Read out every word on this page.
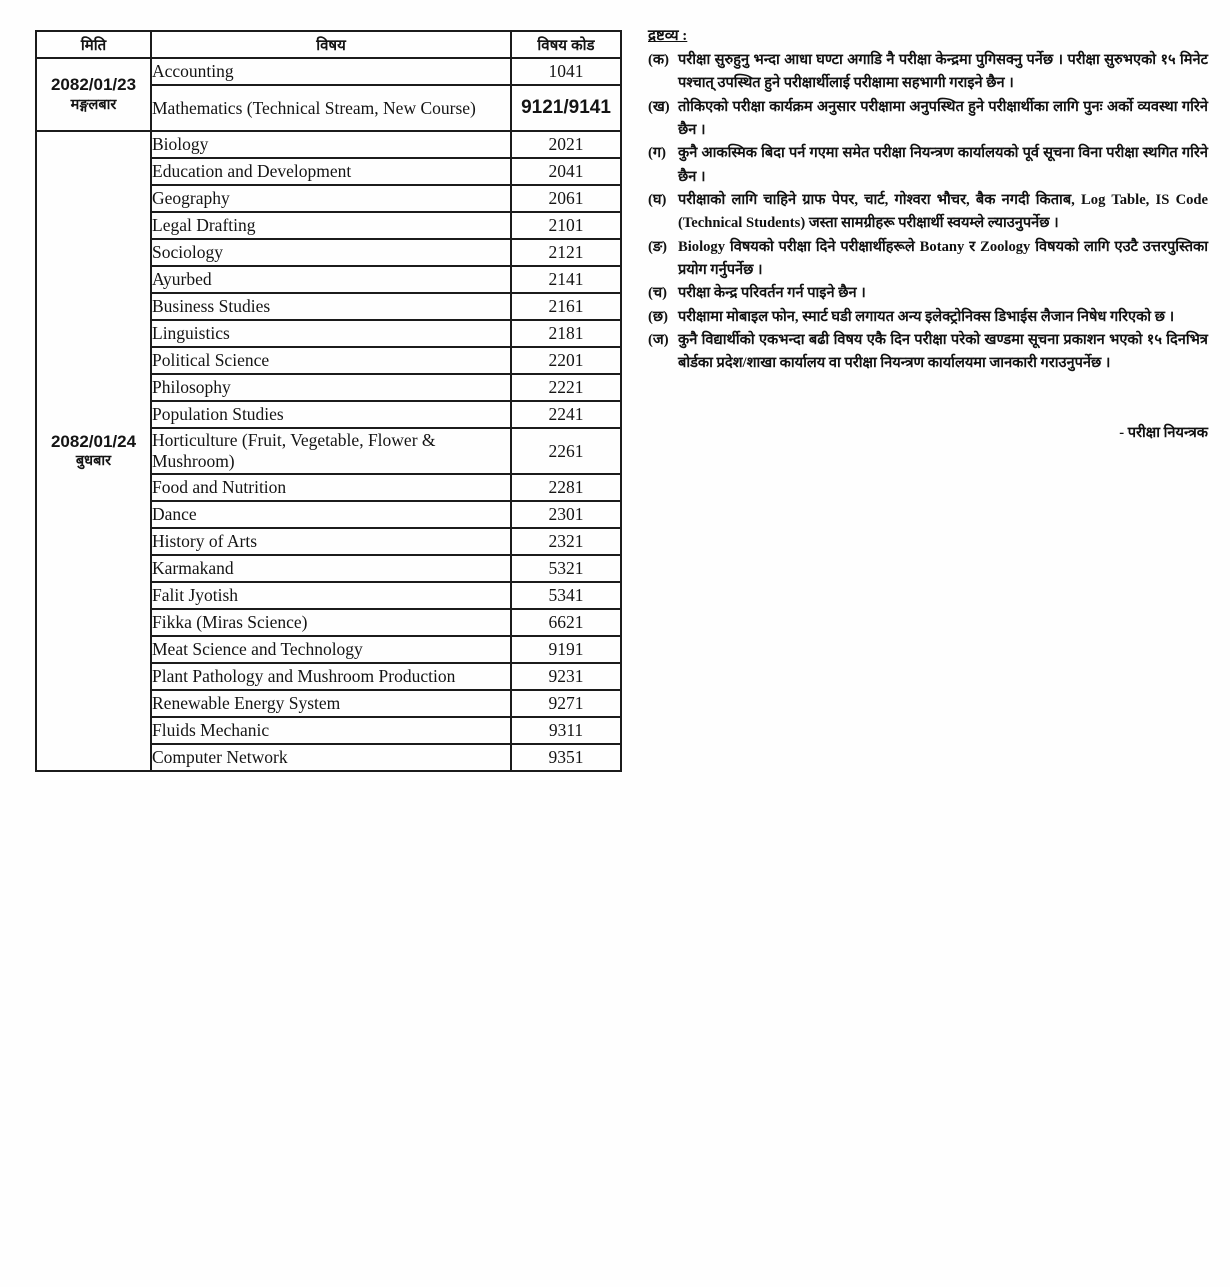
मिति	विषय	विषय कोड

2082/01/23
मङ्गलबार	Accounting	1041
	Mathematics (Technical Stream, New Course)	9121/9141

2082/01/24
बुधबार	Biology	2021
	Education and Development	2041
	Geography	2061
	Legal Drafting	2101
	Sociology	2121
	Ayurbed	2141
	Business Studies	2161
	Linguistics	2181
	Political Science	2201
	Philosophy	2221
	Population Studies	2241
	Horticulture (Fruit, Vegetable, Flower & Mushroom)	2261
	Food and Nutrition	2281
	Dance	2301
	History of Arts	2321
	Karmakand	5321
	Falit Jyotish	5341
	Fikka (Miras Science)	6621
	Meat Science and Technology	9191
	Plant Pathology and Mushroom Production	9231
	Renewable Energy System	9271
	Fluids Mechanic	9311
	Computer Network	9351
द्रष्टव्य :
(क) परीक्षा सुरुहुनु भन्दा आधा घण्टा अगाडि नै परीक्षा केन्द्रमा पुगिसक्नु पर्नेछ । परीक्षा सुरुभएको १५ मिनेट पश्चात् उपस्थित हुने परीक्षार्थीलाई परीक्षामा सहभागी गराइने छैन ।
(ख) तोकिएको परीक्षा कार्यक्रम अनुसार परीक्षामा अनुपस्थित हुने परीक्षार्थीका लागि पुनः अर्को व्यवस्था गरिने छैन ।
(ग) कुनै आकस्मिक बिदा पर्न गएमा समेत परीक्षा नियन्त्रण कार्यालयको पूर्व सूचना विना परीक्षा स्थगित गरिने छैन ।
(घ) परीक्षाको लागि चाहिने ग्राफ पेपर, चार्ट, गोश्वरा भौचर, बैक नगदी किताब, Log Table, IS Code (Technical Students) जस्ता सामग्रीहरू परीक्षार्थी स्वयम्ले ल्याउनुपर्नेछ ।
(ङ) Biology विषयको परीक्षा दिने परीक्षार्थीहरूले Botany र Zoology विषयको लागि एउटै उत्तरपुस्तिका प्रयोग गर्नुपर्नेछ ।
(च) परीक्षा केन्द्र परिवर्तन गर्न पाइने छैन ।
(छ) परीक्षामा मोबाइल फोन, स्मार्ट घडी लगायत अन्य इलेक्ट्रोनिक्स डिभाईस लैजान निषेध गरिएको छ ।
(ज) कुनै विद्यार्थीको एकभन्दा बढी विषय एकै दिन परीक्षा परेको खण्डमा सूचना प्रकाशन भएको १५ दिनभित्र बोर्डका प्रदेश/शाखा कार्यालय वा परीक्षा नियन्त्रण कार्यालयमा जानकारी गराउनुपर्नेछ ।
- परीक्षा नियन्त्रक
